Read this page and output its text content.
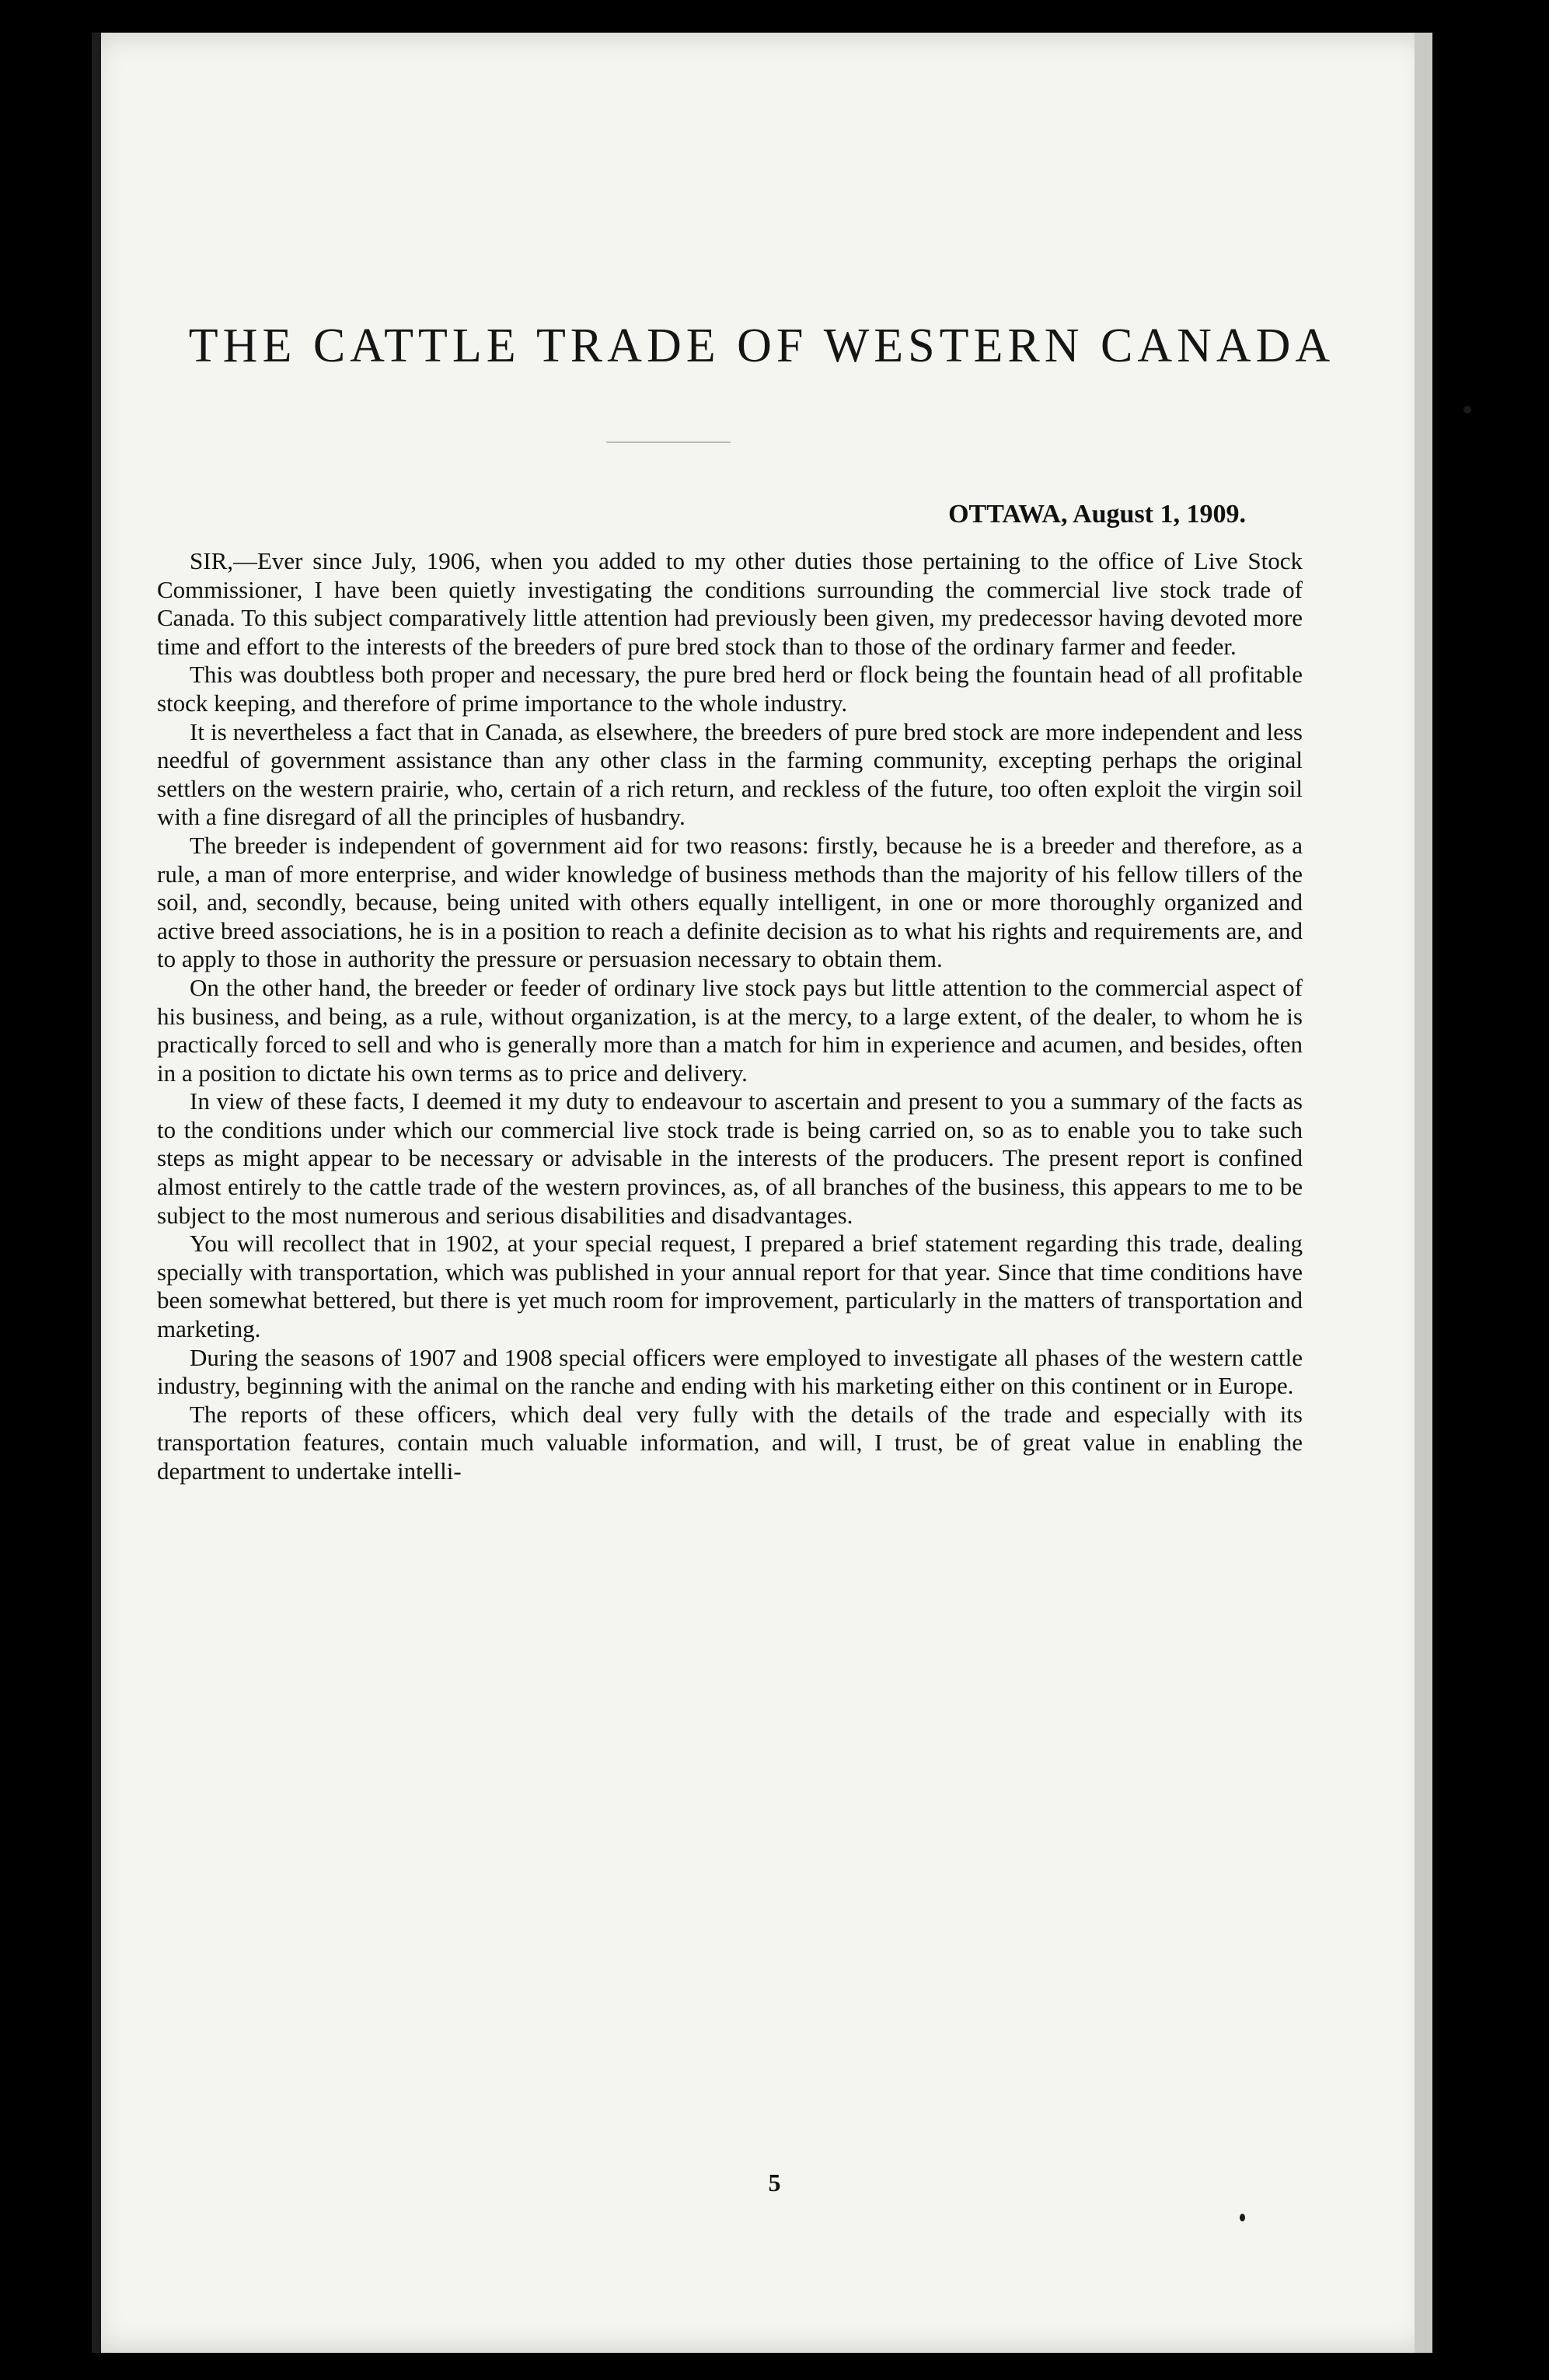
THE CATTLE TRADE OF WESTERN CANADA

OTTAWA, August 1, 1909.

SIR,—Ever since July, 1906, when you added to my other duties those pertaining to the office of Live Stock Commissioner, I have been quietly investigating the conditions surrounding the commercial live stock trade of Canada. To this subject comparatively little attention had previously been given, my predecessor having devoted more time and effort to the interests of the breeders of pure bred stock than to those of the ordinary farmer and feeder.

This was doubtless both proper and necessary, the pure bred herd or flock being the fountain head of all profitable stock keeping, and therefore of prime importance to the whole industry.

It is nevertheless a fact that in Canada, as elsewhere, the breeders of pure bred stock are more independent and less needful of government assistance than any other class in the farming community, excepting perhaps the original settlers on the western prairie, who, certain of a rich return, and reckless of the future, too often exploit the virgin soil with a fine disregard of all the principles of husbandry.

The breeder is independent of government aid for two reasons: firstly, because he is a breeder and therefore, as a rule, a man of more enterprise, and wider knowledge of business methods than the majority of his fellow tillers of the soil, and, secondly, because, being united with others equally intelligent, in one or more thoroughly organized and active breed associations, he is in a position to reach a definite decision as to what his rights and requirements are, and to apply to those in authority the pressure or persuasion necessary to obtain them.

On the other hand, the breeder or feeder of ordinary live stock pays but little attention to the commercial aspect of his business, and being, as a rule, without organization, is at the mercy, to a large extent, of the dealer, to whom he is practically forced to sell and who is generally more than a match for him in experience and acumen, and besides, often in a position to dictate his own terms as to price and delivery.

In view of these facts, I deemed it my duty to endeavour to ascertain and present to you a summary of the facts as to the conditions under which our commercial live stock trade is being carried on, so as to enable you to take such steps as might appear to be necessary or advisable in the interests of the producers. The present report is confined almost entirely to the cattle trade of the western provinces, as, of all branches of the business, this appears to me to be subject to the most numerous and serious disabilities and disadvantages.

You will recollect that in 1902, at your special request, I prepared a brief statement regarding this trade, dealing specially with transportation, which was published in your annual report for that year. Since that time conditions have been somewhat bettered, but there is yet much room for improvement, particularly in the matters of transportation and marketing.

During the seasons of 1907 and 1908 special officers were employed to investigate all phases of the western cattle industry, beginning with the animal on the ranche and ending with his marketing either on this continent or in Europe.

The reports of these officers, which deal very fully with the details of the trade and especially with its transportation features, contain much valuable information, and will, I trust, be of great value in enabling the department to undertake intelli-

5
